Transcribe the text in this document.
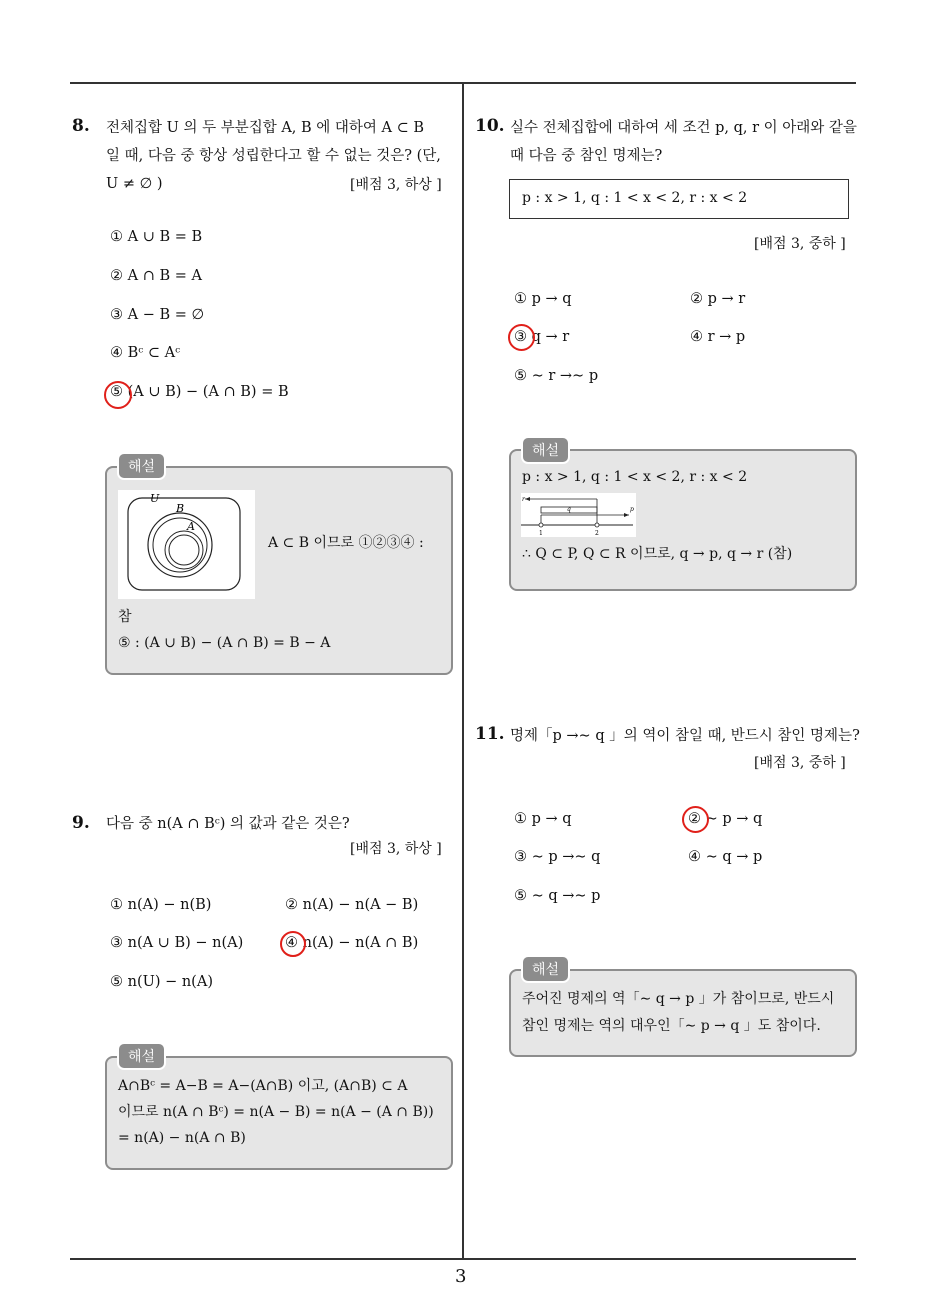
8. 전체집합 U 의 두 부분집합 A, B 에 대하여 A ⊂ B
일 때, 다음 중 항상 성립한다고 할 수 없는 것은? (단,
U ≠ ∅ )	[배점 3, 하상 ]
① A ∪ B = B
② A ∩ B = A
③ A − B = ∅
④ Bᶜ ⊂ Aᶜ
⑤ (A ∪ B) − (A ∩ B) = B
해설
U
B
A
A ⊂ B 이므로 ①②③④ :
참
⑤ : (A ∪ B) − (A ∩ B) = B − A
9. 다음 중 n(A ∩ Bᶜ) 의 값과 같은 것은?
[배점 3, 하상 ]
① n(A) − n(B)	② n(A) − n(A − B)
③ n(A ∪ B) − n(A)	④ n(A) − n(A ∩ B)
⑤ n(U) − n(A)
해설
A∩Bᶜ = A−B = A−(A∩B) 이고, (A∩B) ⊂ A
이므로 n(A ∩ Bᶜ) = n(A − B) = n(A − (A ∩ B))
= n(A) − n(A ∩ B)
10. 실수 전체집합에 대하여 세 조건 p, q, r 이 아래와 같을
때 다음 중 참인 명제는?
p : x > 1, q : 1 < x < 2, r : x < 2
[배점 3, 중하 ]
① p → q	② p → r
③ q → r	④ r → p
⑤ ∼ r →∼ p
해설
p : x > 1, q : 1 < x < 2, r : x < 2
r
q	p
1	2
∴ Q ⊂ P, Q ⊂ R 이므로, q → p, q → r (참)
11. 명제「p →∼ q 」의 역이 참일 때, 반드시 참인 명제는?
[배점 3, 중하 ]
① p → q	② ∼ p → q
③ ∼ p →∼ q	④ ∼ q → p
⑤ ∼ q →∼ p
해설
주어진 명제의 역「∼ q → p 」가 참이므로, 반드시
참인 명제는 역의 대우인「∼ p → q 」도 참이다.
3
